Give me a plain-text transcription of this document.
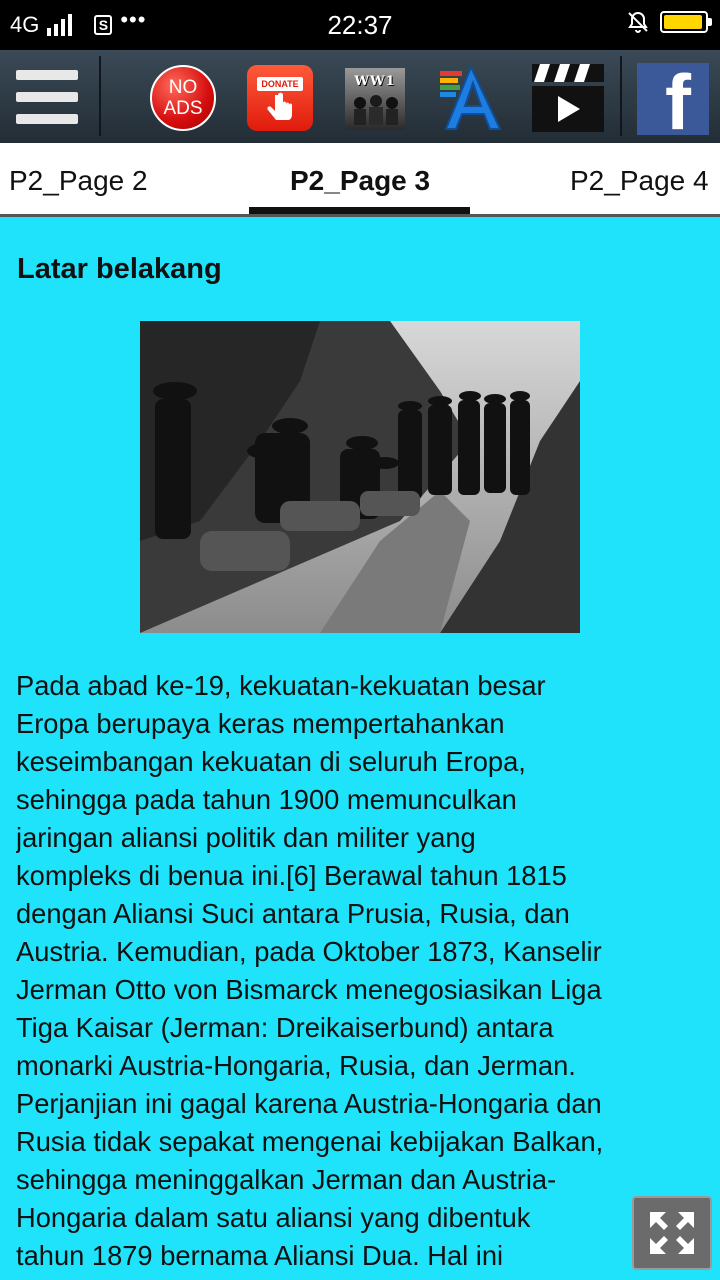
4G	S •••	22:37
NO
ADS
DONATE	WW1	f
P2_Page 2	P2_Page 3	P2_Page 4
Latar belakang

Pada abad ke-19, kekuatan-kekuatan besar
Eropa berupaya keras mempertahankan
keseimbangan kekuatan di seluruh Eropa,
sehingga pada tahun 1900 memunculkan
jaringan aliansi politik dan militer yang
kompleks di benua ini.[6] Berawal tahun 1815
dengan Aliansi Suci antara Prusia, Rusia, dan
Austria. Kemudian, pada Oktober 1873, Kanselir
Jerman Otto von Bismarck menegosiasikan Liga
Tiga Kaisar (Jerman: Dreikaiserbund) antara
monarki Austria-Hongaria, Rusia, dan Jerman.
Perjanjian ini gagal karena Austria-Hongaria dan
Rusia tidak sepakat mengenai kebijakan Balkan,
sehingga meninggalkan Jerman dan Austria-
Hongaria dalam satu aliansi yang dibentuk
tahun 1879 bernama Aliansi Dua. Hal ini
